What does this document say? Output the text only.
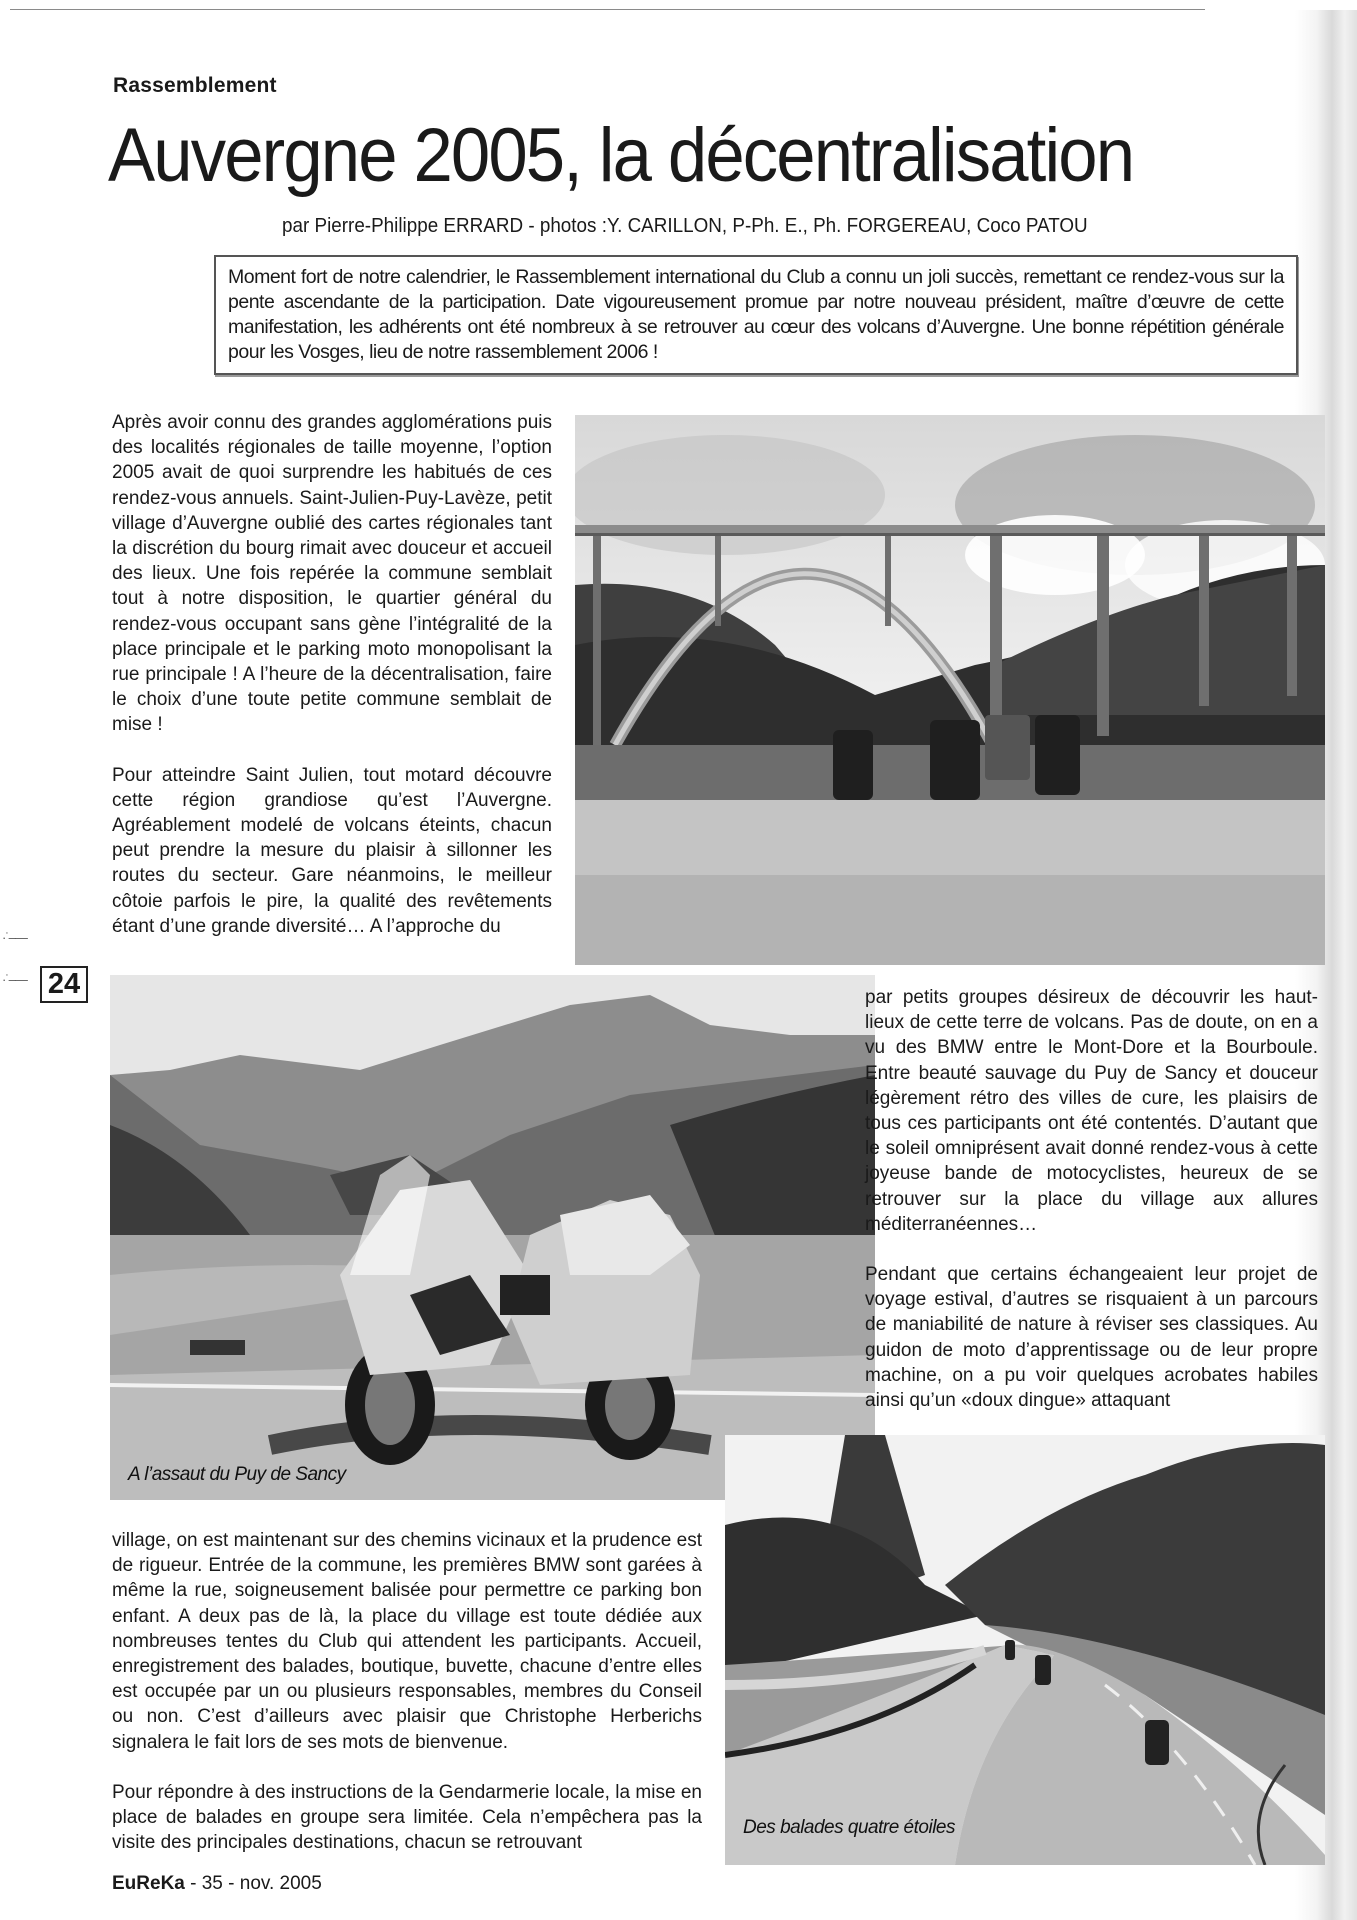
Rassemblement
Auvergne 2005, la décentralisation
par Pierre-Philippe ERRARD - photos :Y. CARILLON, P-Ph. E., Ph. FORGEREAU, Coco PATOU

Moment fort de notre calendrier, le Rassemblement international du Club a connu un joli succès, remettant ce rendez-vous sur la pente ascendante de la participation. Date vigoureusement promue par notre nouveau président, maître d’œuvre de cette manifestation, les adhérents ont été nombreux à se retrouver au cœur des volcans d’Auvergne. Une bonne répétition générale pour les Vosges, lieu de notre rassemblement 2006 !

Après avoir connu des grandes agglomérations puis des localités régionales de taille moyenne, l’option 2005 avait de quoi surprendre les habitués de ces rendez-vous annuels. Saint-Julien-Puy-Lavèze, petit village d’Auvergne oublié des cartes régionales tant la discrétion du bourg rimait avec douceur et accueil des lieux. Une fois repérée la commune semblait tout à notre disposition, le quartier général du rendez-vous occupant sans gène l’intégralité de la place principale et le parking moto monopolisant la rue principale ! A l’heure de la décentralisation, faire le choix d’une toute petite commune semblait de mise !

Pour atteindre Saint Julien, tout motard découvre cette région grandiose qu’est l’Auvergne. Agréablement modelé de volcans éteints, chacun peut prendre la mesure du plaisir à sillonner les routes du secteur. Gare néanmoins, le meilleur côtoie parfois le pire, la qualité des revêtements étant d’une grande diversité… A l’approche du

A l’assaut du Puy de Sancy

par petits groupes désireux de découvrir les haut-lieux de cette terre de volcans. Pas de doute, on en a vu des BMW entre le Mont-Dore et la Bourboule. Entre beauté sauvage du Puy de Sancy et douceur légèrement rétro des villes de cure, les plaisirs de tous ces participants ont été contentés. D’autant que le soleil omniprésent avait donné rendez-vous à cette joyeuse bande de motocyclistes, heureux de se retrouver sur la place du village aux allures méditerranéennes…

Pendant que certains échangeaient leur projet de voyage estival, d’autres se risquaient à un parcours de maniabilité de nature à réviser ses classiques. Au guidon de moto d’apprentissage ou de leur propre machine, on a pu voir quelques acrobates habiles ainsi qu’un «doux dingue» attaquant

village, on est maintenant sur des chemins vicinaux et la prudence est de rigueur. Entrée de la commune, les premières BMW sont garées à même la rue, soigneusement balisée pour permettre ce parking bon enfant. A deux pas de là, la place du village est toute dédiée aux nombreuses tentes du Club qui attendent les participants. Accueil, enregistrement des balades, boutique, buvette, chacune d’entre elles est occupée par un ou plusieurs responsables, membres du Conseil ou non. C’est d’ailleurs avec plaisir que Christophe Herberichs signalera le fait lors de ses mots de bienvenue.

Pour répondre à des instructions de la Gendarmerie locale, la mise en place de balades en groupe sera limitée. Cela n’empêchera pas la visite des principales destinations, chacun se retrouvant

Des balades quatre étoiles
·˙–—
·˙–— 24
EuReKa - 35 - nov. 2005
